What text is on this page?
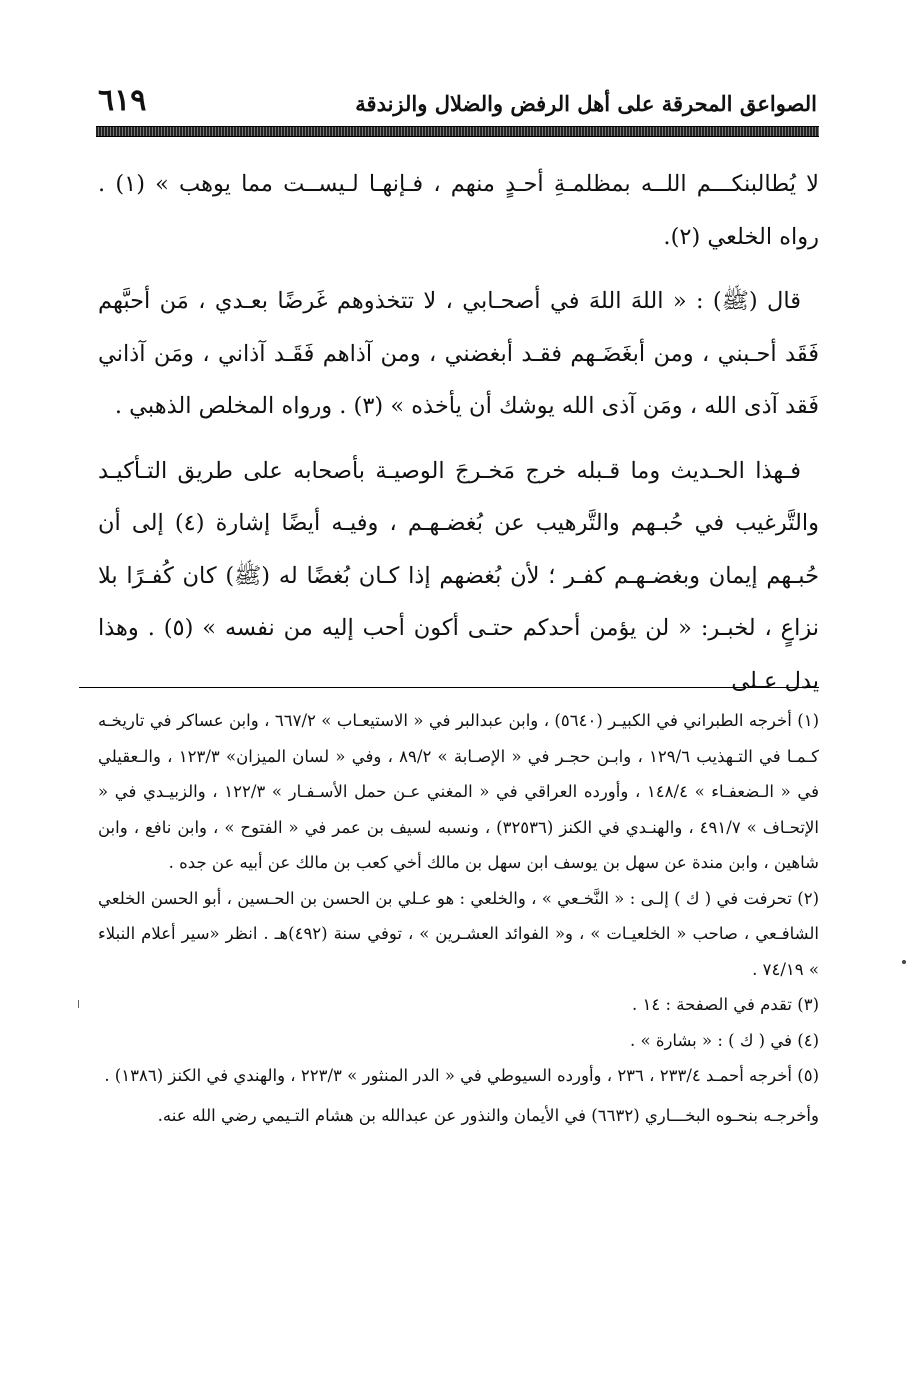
الصواعق المحرقة على أهل الرفض والضلال والزندقة
٦١٩

لا يُطالبنكـــم اللــه بمظلمـةِ أحـدٍ منهم ، فـإنهـا لـيســت مما يوهب » (١) . رواه الخلعي (٢).

قال (ﷺ) : « اللهَ اللهَ في أصحـابي ، لا تتخذوهم غَرضًا بعـدي ، مَن أحبَّهم فَقَد أحـبني ، ومن أبغَضَـهم فقـد أبغضني ، ومن آذاهم فَقَـد آذاني ، ومَن آذاني فَقد آذى الله ، ومَن آذى الله يوشك أن يأخذه » (٣) . ورواه المخلص الذهبي .

فـهذا الحـديث وما قـبله خرج مَخـرجَ الوصيـة بأصحابه على طريق التـأكيـد والتَّرغيب في حُبـهم والتَّرهيب عن بُغضـهـم ، وفيـه أيضًا إشارة (٤) إلى أن حُبـهم إيمان وبغضـهـم كفـر ؛ لأن بُغضهم إذا كـان بُغضًا له (ﷺ) كان كُفـرًا بلا نزاعٍ ، لخبـر: « لن يؤمن أحدكم حتـى أكون أحب إليه من نفسه » (٥) . وهذا يدل عـلى

(١) أخرجه الطبراني في الكبيـر (٥٦٤٠) ، وابن عبدالبر في « الاستيعـاب » ٦٦٧/٢ ، وابن عساكر في تاريخـه كـمـا في التـهذيب ١٢٩/٦ ، وابـن حجـر في « الإصـابة » ٨٩/٢ ، وفي « لسان الميزان» ١٢٣/٣ ، والـعقيلي في « الـضعفـاء » ١٤٨/٤ ، وأورده العراقي في « المغني عـن حمل الأسـفـار » ١٢٢/٣ ، والزبيـدي في « الإتحـاف » ٤٩١/٧ ، والهنـدي في الكنز (٣٢٥٣٦) ، ونسبه لسيف بن عمر في « الفتوح » ، وابن نافع ، وابن شاهين ، وابن مندة عن سهل بن يوسف ابن سهل بن مالك أخي كعب بن مالك عن أبيه عن جده .

(٢) تحرفت في ( ك ) إلـى : « النَّخـعي » ، والخلعي : هو عـلي بن الحسن بن الحـسين ، أبو الحسن الخلعي الشافـعي ، صاحب « الخلعيـات » ، و« الفوائد العشـرين » ، توفي سنة (٤٩٢)هـ . انظر «سير أعلام النبلاء » ٧٤/١٩ .

(٣) تقدم في الصفحة : ١٤ .

(٤) في ( ك ) : « بشارة » .

(٥) أخرجه أحمـد ٢٣٣/٤ ، ٢٣٦ ، وأورده السيوطي في « الدر المنثور » ٢٢٣/٣ ، والهندي في الكنز (١٣٨٦) .

وأخرجـه بنحـوه البخـــاري (٦٦٣٢) في الأيمان والنذور عن عبدالله بن هشام التـيمي رضي الله عنه.
